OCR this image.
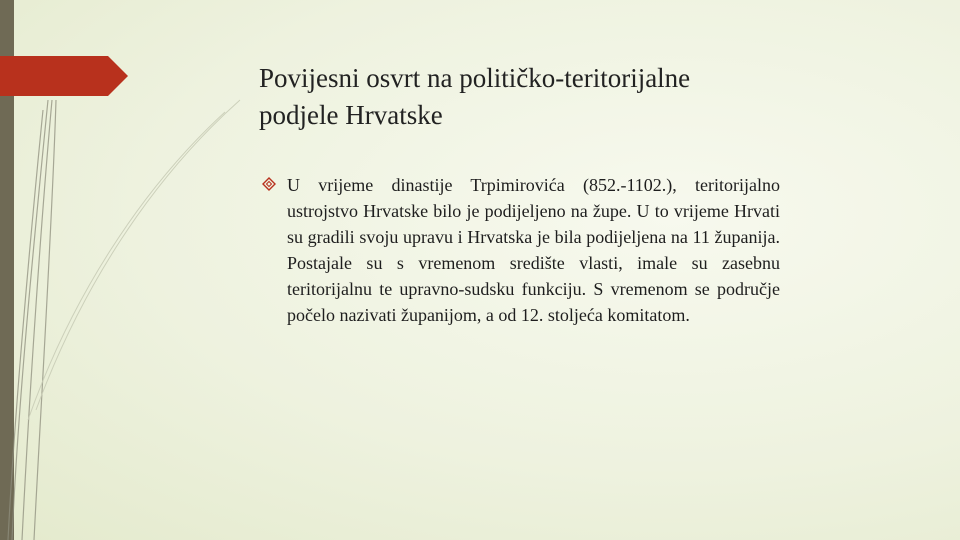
Povijesni osvrt na političko-teritorijalne
podjele Hrvatske

U vrijeme dinastije Trpimirovića (852.-1102.), teritorijalno ustrojstvo Hrvatske bilo je podijeljeno na župe. U to vrijeme Hrvati su gradili svoju upravu i Hrvatska je bila podijeljena na 11 županija. Postajale su s vremenom središte vlasti, imale su zasebnu teritorijalnu te upravno-sudsku funkciju. S vremenom se područje počelo nazivati županijom, a od 12. stoljeća komitatom.
